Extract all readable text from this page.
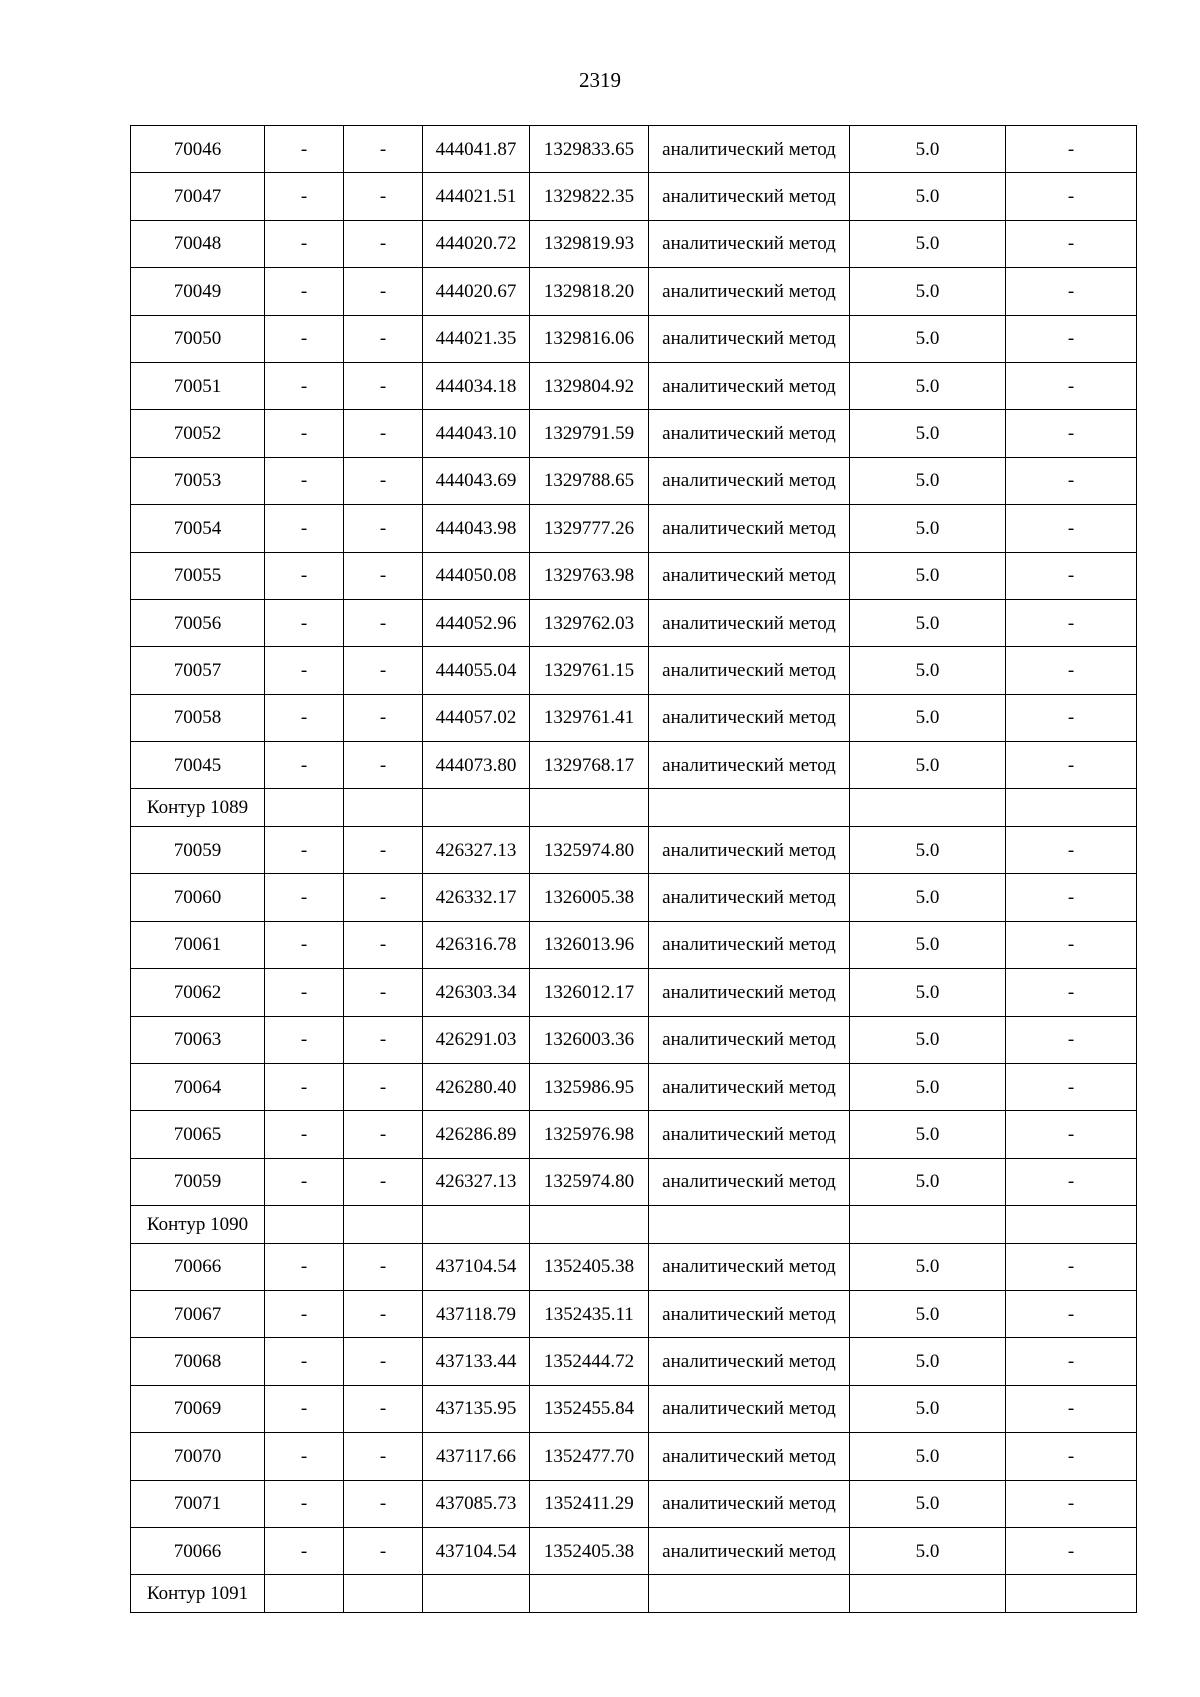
2319
70046	-	-	444041.87	1329833.65	аналитический метод	5.0	-
70047	-	-	444021.51	1329822.35	аналитический метод	5.0	-
70048	-	-	444020.72	1329819.93	аналитический метод	5.0	-
70049	-	-	444020.67	1329818.20	аналитический метод	5.0	-
70050	-	-	444021.35	1329816.06	аналитический метод	5.0	-
70051	-	-	444034.18	1329804.92	аналитический метод	5.0	-
70052	-	-	444043.10	1329791.59	аналитический метод	5.0	-
70053	-	-	444043.69	1329788.65	аналитический метод	5.0	-
70054	-	-	444043.98	1329777.26	аналитический метод	5.0	-
70055	-	-	444050.08	1329763.98	аналитический метод	5.0	-
70056	-	-	444052.96	1329762.03	аналитический метод	5.0	-
70057	-	-	444055.04	1329761.15	аналитический метод	5.0	-
70058	-	-	444057.02	1329761.41	аналитический метод	5.0	-
70045	-	-	444073.80	1329768.17	аналитический метод	5.0	-
Контур 1089							
70059	-	-	426327.13	1325974.80	аналитический метод	5.0	-
70060	-	-	426332.17	1326005.38	аналитический метод	5.0	-
70061	-	-	426316.78	1326013.96	аналитический метод	5.0	-
70062	-	-	426303.34	1326012.17	аналитический метод	5.0	-
70063	-	-	426291.03	1326003.36	аналитический метод	5.0	-
70064	-	-	426280.40	1325986.95	аналитический метод	5.0	-
70065	-	-	426286.89	1325976.98	аналитический метод	5.0	-
70059	-	-	426327.13	1325974.80	аналитический метод	5.0	-
Контур 1090							
70066	-	-	437104.54	1352405.38	аналитический метод	5.0	-
70067	-	-	437118.79	1352435.11	аналитический метод	5.0	-
70068	-	-	437133.44	1352444.72	аналитический метод	5.0	-
70069	-	-	437135.95	1352455.84	аналитический метод	5.0	-
70070	-	-	437117.66	1352477.70	аналитический метод	5.0	-
70071	-	-	437085.73	1352411.29	аналитический метод	5.0	-
70066	-	-	437104.54	1352405.38	аналитический метод	5.0	-
Контур 1091							
